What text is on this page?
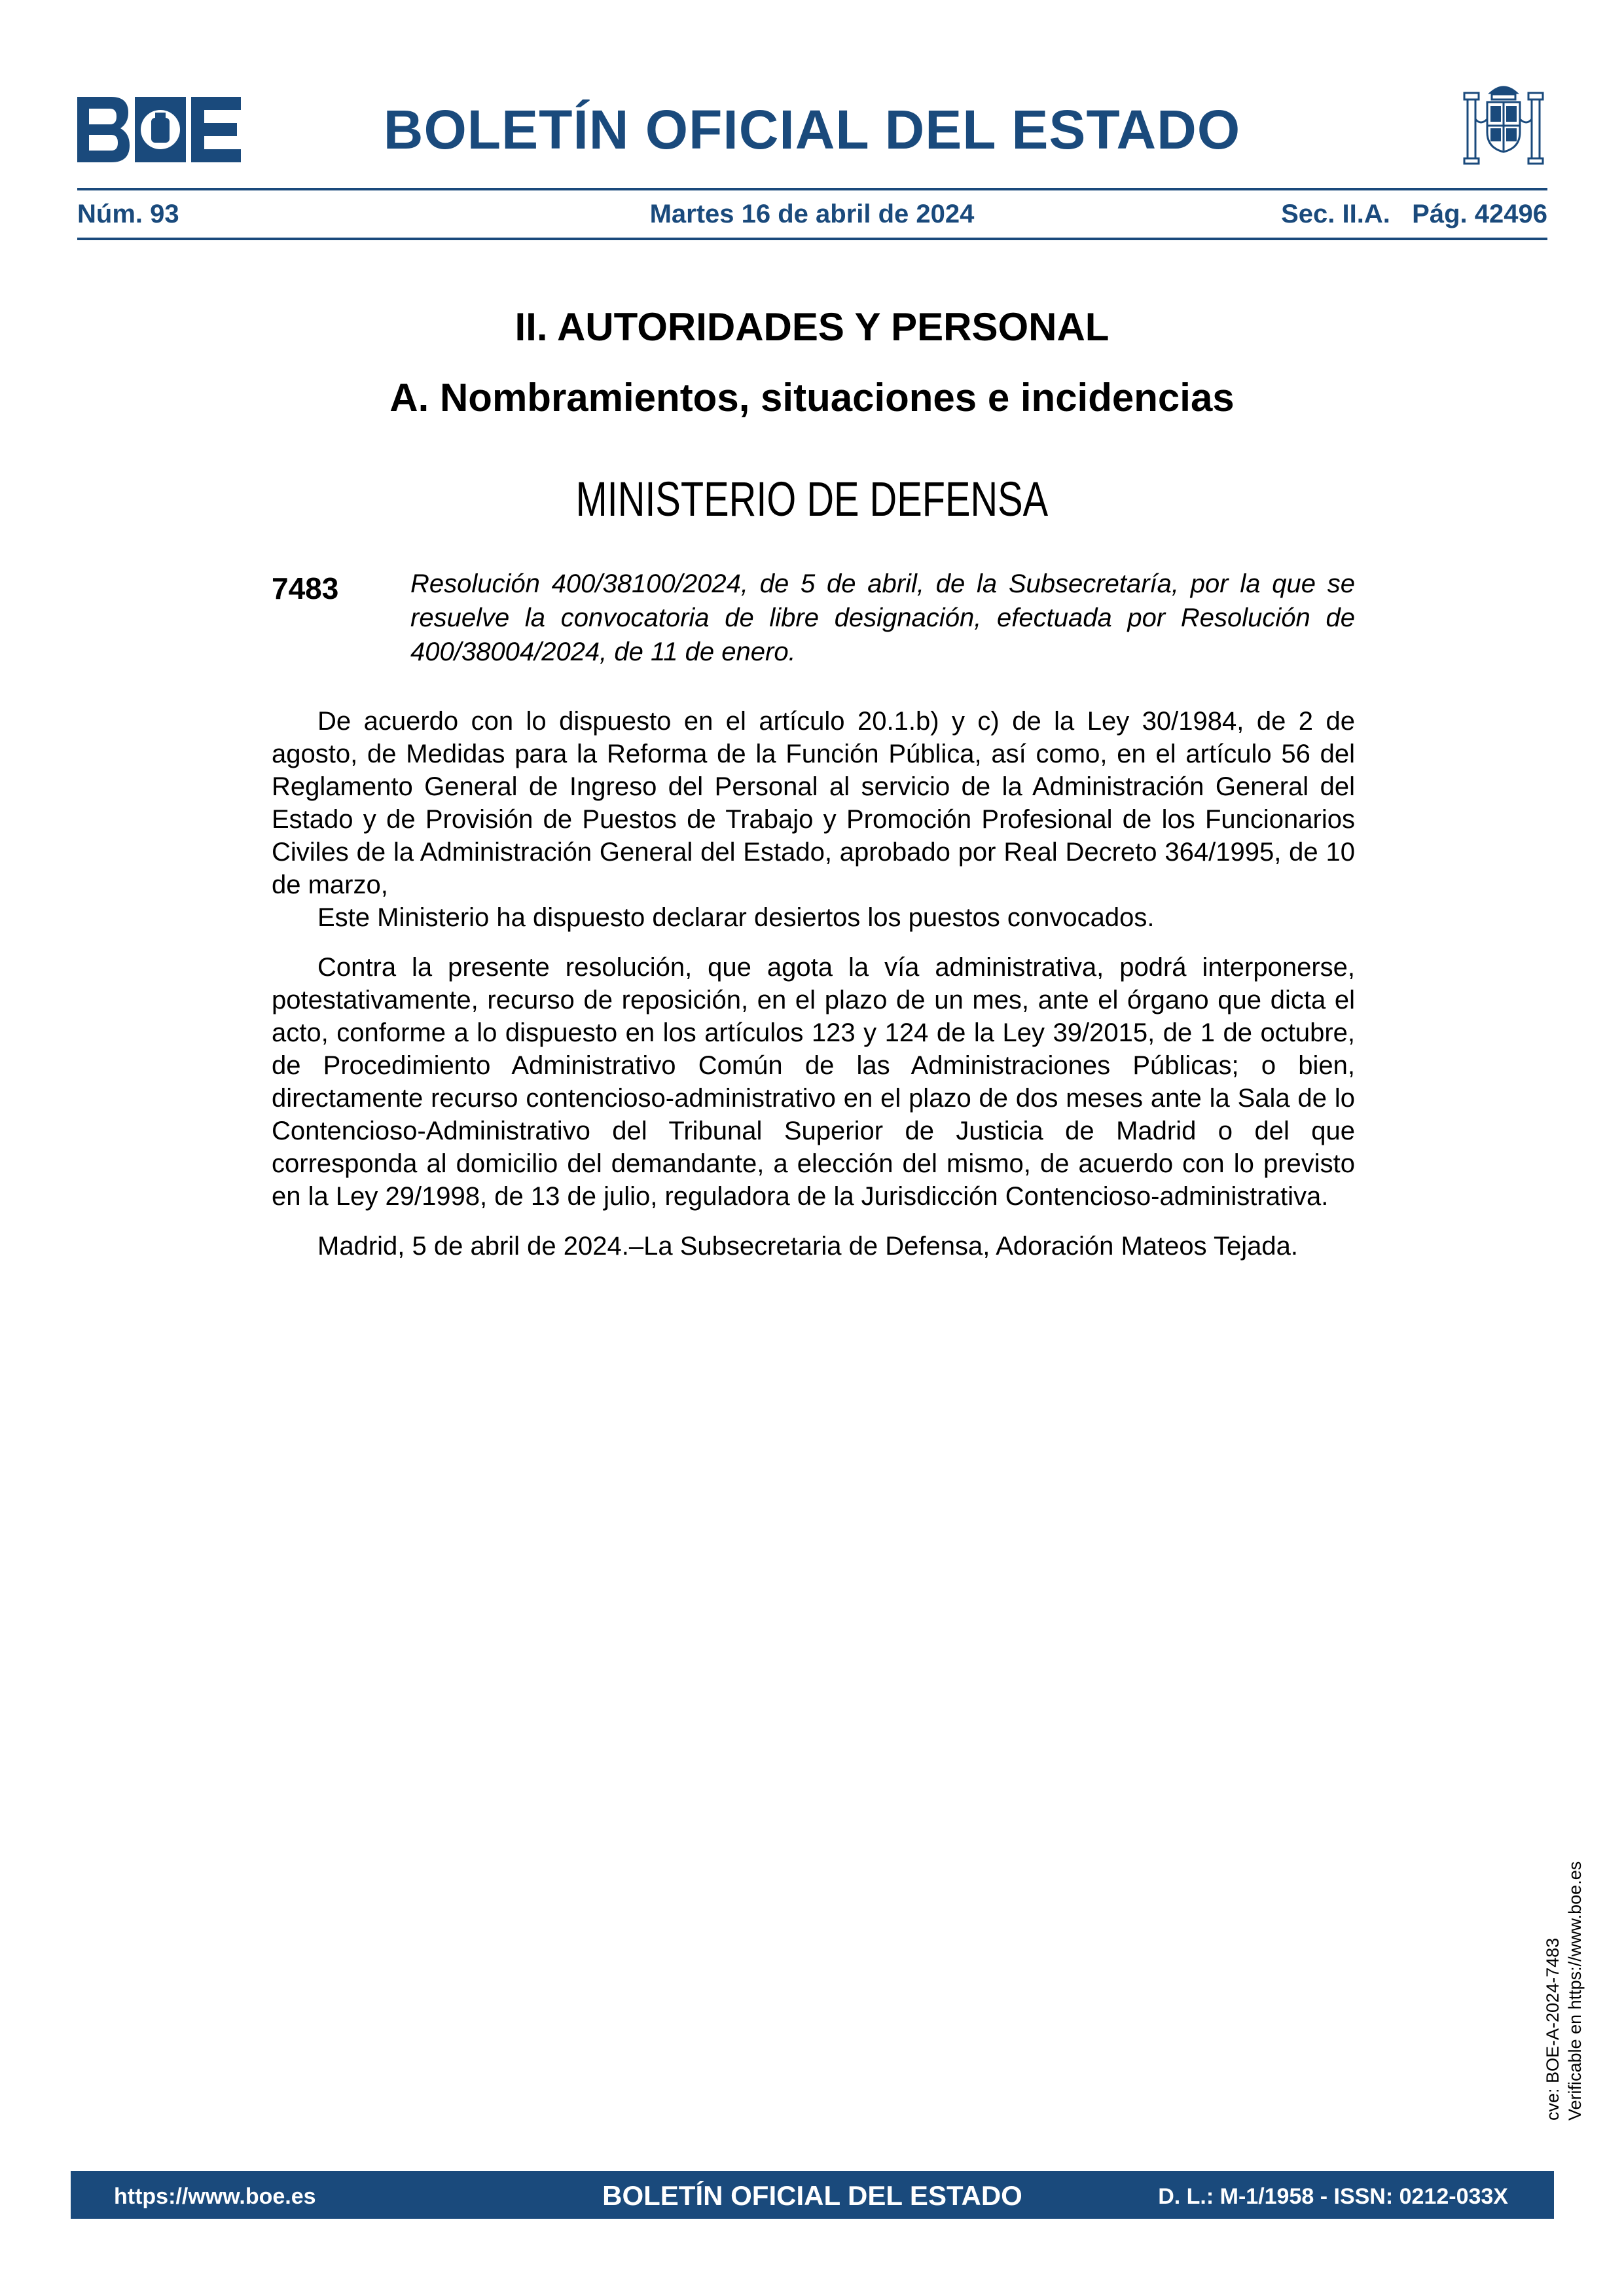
BOLETÍN OFICIAL DEL ESTADO
Núm. 93	Martes 16 de abril de 2024	Sec. II.A.   Pág. 42496
II. AUTORIDADES Y PERSONAL
A. Nombramientos, situaciones e incidencias
MINISTERIO DE DEFENSA
7483	Resolución 400/38100/2024, de 5 de abril, de la Subsecretaría, por la que se resuelve la convocatoria de libre designación, efectuada por Resolución de 400/38004/2024, de 11 de enero.

De acuerdo con lo dispuesto en el artículo 20.1.b) y c) de la Ley 30/1984, de 2 de agosto, de Medidas para la Reforma de la Función Pública, así como, en el artículo 56 del Reglamento General de Ingreso del Personal al servicio de la Administración General del Estado y de Provisión de Puestos de Trabajo y Promoción Profesional de los Funcionarios Civiles de la Administración General del Estado, aprobado por Real Decreto 364/1995, de 10 de marzo,

Este Ministerio ha dispuesto declarar desiertos los puestos convocados.

Contra la presente resolución, que agota la vía administrativa, podrá interponerse, potestativamente, recurso de reposición, en el plazo de un mes, ante el órgano que dicta el acto, conforme a lo dispuesto en los artículos 123 y 124 de la Ley 39/2015, de 1 de octubre, de Procedimiento Administrativo Común de las Administraciones Públicas; o bien, directamente recurso contencioso-administrativo en el plazo de dos meses ante la Sala de lo Contencioso-Administrativo del Tribunal Superior de Justicia de Madrid o del que corresponda al domicilio del demandante, a elección del mismo, de acuerdo con lo previsto en la Ley 29/1998, de 13 de julio, reguladora de la Jurisdicción Contencioso-administrativa.

Madrid, 5 de abril de 2024.–La Subsecretaria de Defensa, Adoración Mateos Tejada.

cve: BOE-A-2024-7483 Verificable en https://www.boe.es
https://www.boe.es	BOLETÍN OFICIAL DEL ESTADO	D. L.: M-1/1958 - ISSN: 0212-033X
